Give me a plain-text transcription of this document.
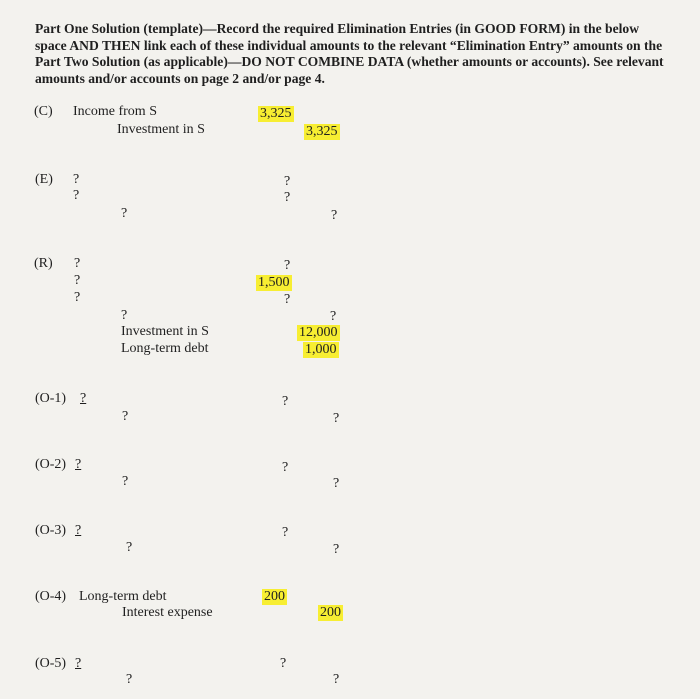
Part One Solution (template)—Record the required Elimination Entries (in GOOD FORM) in the below space AND THEN link each of these individual amounts to the relevant “Elimination Entry” amounts on the Part Two Solution (as applicable)—DO NOT COMBINE DATA (whether amounts or accounts). See relevant amounts and/or accounts on page 2 and/or page 4.

(C) Income from S	3,325
Investment in S	3,325
(E) ?	?
?	?
?	?
(R) ?	?
?	1,500
?	?
?	?
Investment in S	12,000
Long-term debt	1,000
(O-1) ?	?
?	?
(O-2) ?	?
?	?
(O-3) ?	?
?	?
(O-4) Long-term debt	200
Interest expense	200
(O-5) ?	?
?	?
